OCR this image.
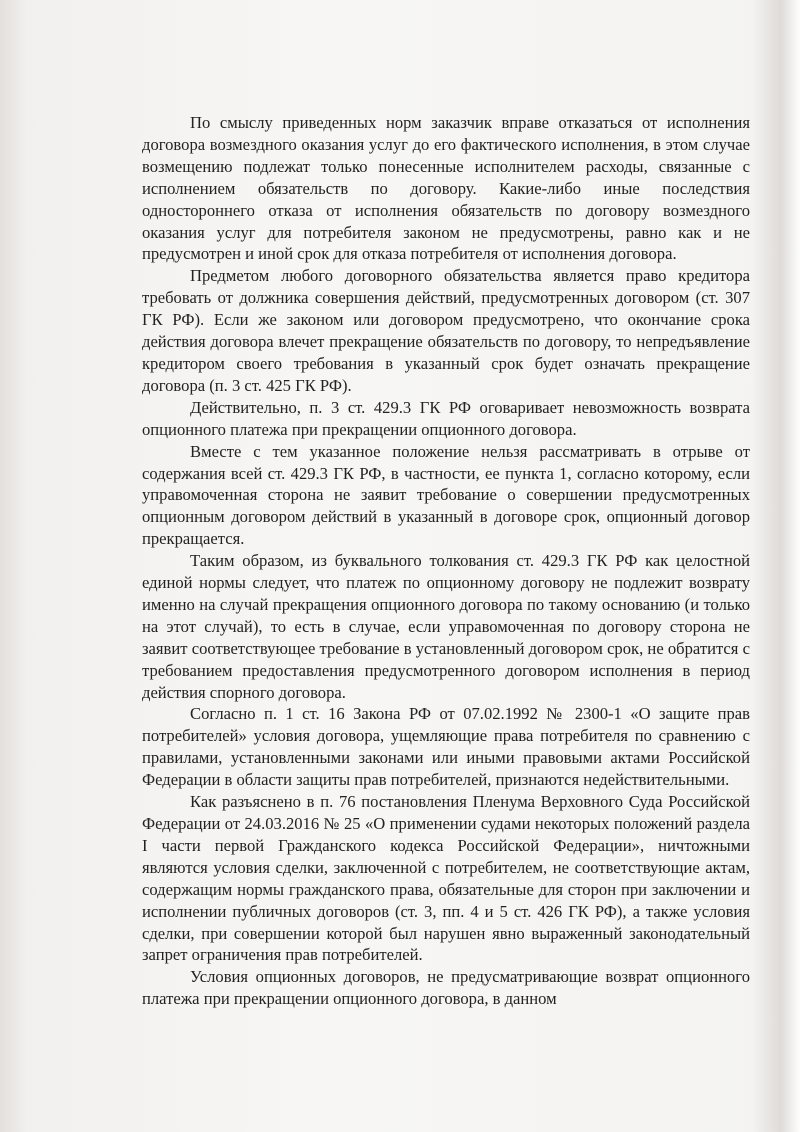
По смыслу приведенных норм заказчик вправе отказаться от исполнения договора возмездного оказания услуг до его фактического исполнения, в этом случае возмещению подлежат только понесенные исполнителем расходы, связанные с исполнением обязательств по договору. Какие-либо иные последствия одностороннего отказа от исполнения обязательств по договору возмездного оказания услуг для потребителя законом не предусмотрены, равно как и не предусмотрен и иной срок для отказа потребителя от исполнения договора.

Предметом любого договорного обязательства является право кредитора требовать от должника совершения действий, предусмотренных договором (ст. 307 ГК РФ). Если же законом или договором предусмотрено, что окончание срока действия договора влечет прекращение обязательств по договору, то непредъявление кредитором своего требования в указанный срок будет означать прекращение договора (п. 3 ст. 425 ГК РФ).

Действительно, п. 3 ст. 429.3 ГК РФ оговаривает невозможность возврата опционного платежа при прекращении опционного договора.

Вместе с тем указанное положение нельзя рассматривать в отрыве от содержания всей ст. 429.3 ГК РФ, в частности, ее пункта 1, согласно которому, если управомоченная сторона не заявит требование о совершении предусмотренных опционным договором действий в указанный в договоре срок, опционный договор прекращается.

Таким образом, из буквального толкования ст. 429.3 ГК РФ как целостной единой нормы следует, что платеж по опционному договору не подлежит возврату именно на случай прекращения опционного договора по такому основанию (и только на этот случай), то есть в случае, если управомоченная по договору сторона не заявит соответствующее требование в установленный договором срок, не обратится с требованием предоставления предусмотренного договором исполнения в период действия спорного договора.

Согласно п. 1 ст. 16 Закона РФ от 07.02.1992 № 2300-1 «О защите прав потребителей» условия договора, ущемляющие права потребителя по сравнению с правилами, установленными законами или иными правовыми актами Российской Федерации в области защиты прав потребителей, признаются недействительными.

Как разъяснено в п. 76 постановления Пленума Верховного Суда Российской Федерации от 24.03.2016 № 25 «О применении судами некоторых положений раздела I части первой Гражданского кодекса Российской Федерации», ничтожными являются условия сделки, заключенной с потребителем, не соответствующие актам, содержащим нормы гражданского права, обязательные для сторон при заключении и исполнении публичных договоров (ст. 3, пп. 4 и 5 ст. 426 ГК РФ), а также условия сделки, при совершении которой был нарушен явно выраженный законодательный запрет ограничения прав потребителей.

Условия опционных договоров, не предусматривающие возврат опционного платежа при прекращении опционного договора, в данном
